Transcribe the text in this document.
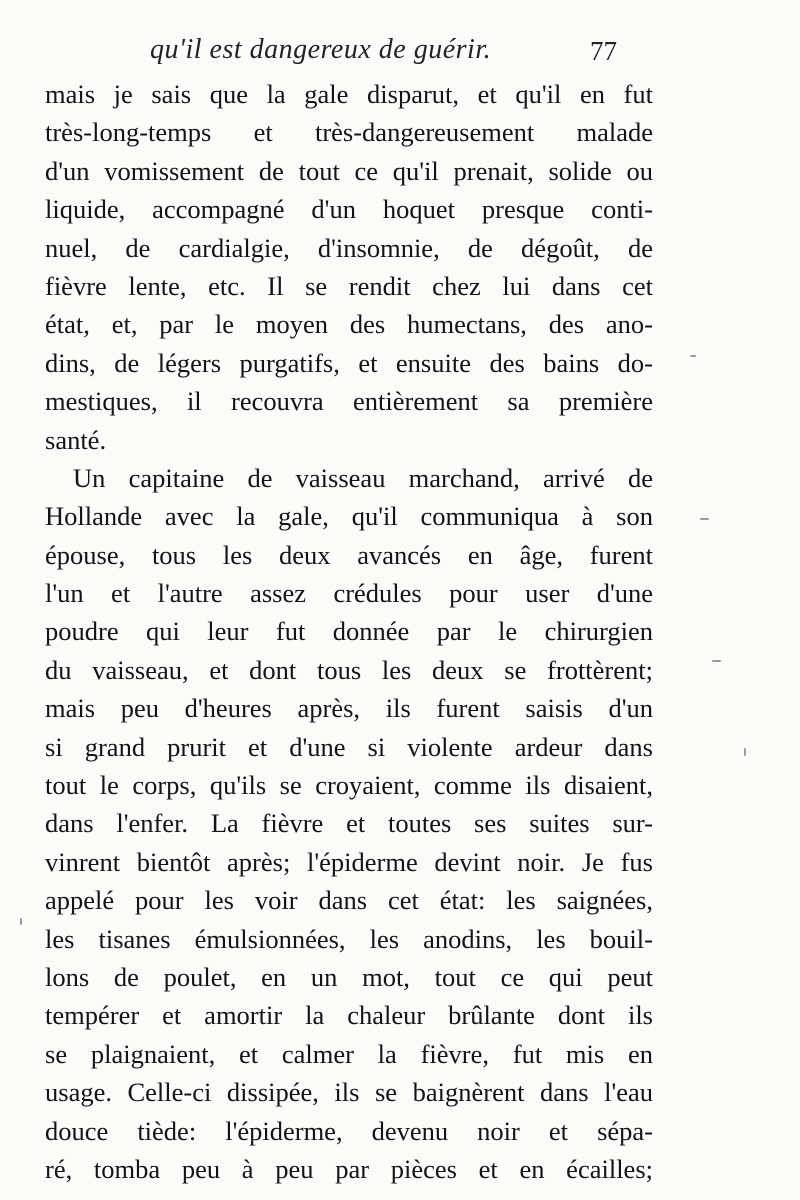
qu'il est dangereux de guérir.	77
mais je sais que la gale disparut, et qu'il en fut
très-long-temps et très-dangereusement malade
d'un vomissement de tout ce qu'il prenait, solide ou
liquide, accompagné d'un hoquet presque conti-
nuel, de cardialgie, d'insomnie, de dégoût, de
fièvre lente, etc. Il se rendit chez lui dans cet
état, et, par le moyen des humectans, des ano-
dins, de légers purgatifs, et ensuite des bains do-
mestiques, il recouvra entièrement sa première
santé.
Un capitaine de vaisseau marchand, arrivé de
Hollande avec la gale, qu'il communiqua à son
épouse, tous les deux avancés en âge, furent
l'un et l'autre assez crédules pour user d'une
poudre qui leur fut donnée par le chirurgien
du vaisseau, et dont tous les deux se frottèrent;
mais peu d'heures après, ils furent saisis d'un
si grand prurit et d'une si violente ardeur dans
tout le corps, qu'ils se croyaient, comme ils disaient,
dans l'enfer. La fièvre et toutes ses suites sur-
vinrent bientôt après; l'épiderme devint noir. Je fus
appelé pour les voir dans cet état: les saignées,
les tisanes émulsionnées, les anodins, les bouil-
lons de poulet, en un mot, tout ce qui peut
tempérer et amortir la chaleur brûlante dont ils
se plaignaient, et calmer la fièvre, fut mis en
usage. Celle-ci dissipée, ils se baignèrent dans l'eau
douce tiède: l'épiderme, devenu noir et sépa-
ré, tomba peu à peu par pièces et en écailles;
